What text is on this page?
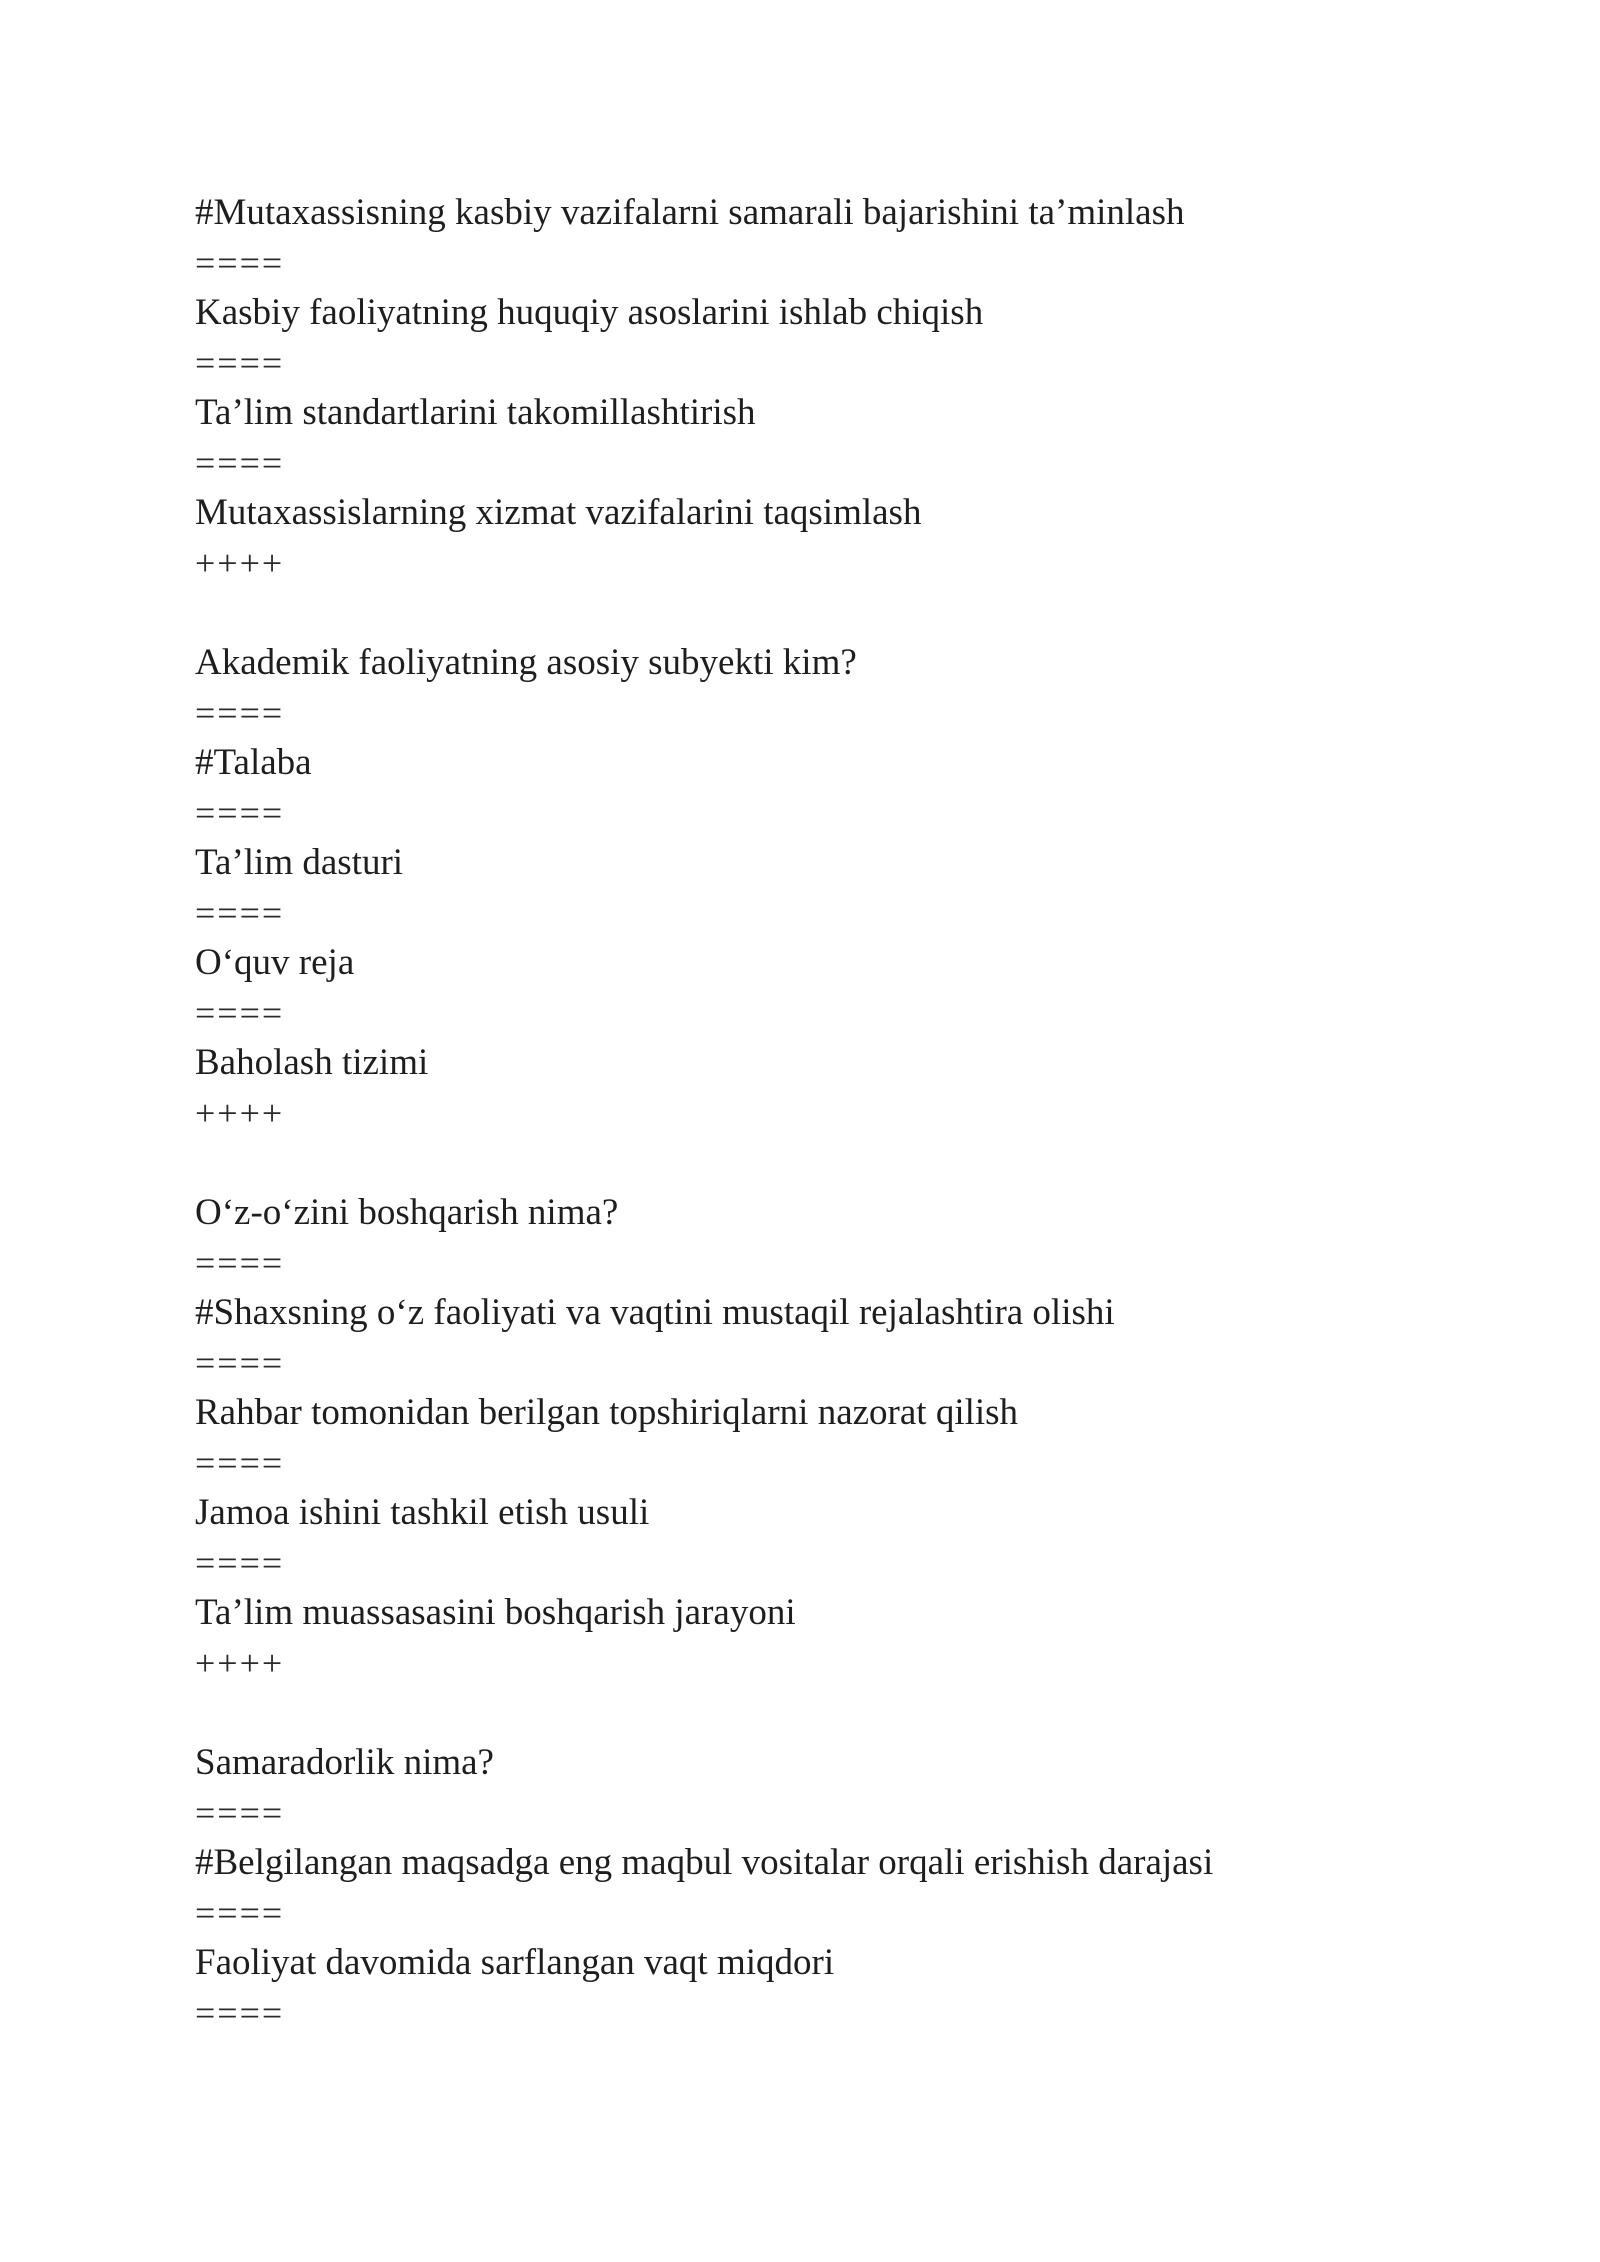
#Mutaxassisning kasbiy vazifalarni samarali bajarishini ta’minlash
====
Kasbiy faoliyatning huquqiy asoslarini ishlab chiqish
====
Ta’lim standartlarini takomillashtirish
====
Mutaxassislarning xizmat vazifalarini taqsimlash
++++
Akademik faoliyatning asosiy subyekti kim?
====
#Talaba
====
Ta’lim dasturi
====
O‘quv reja
====
Baholash tizimi
++++
O‘z-o‘zini boshqarish nima?
====
#Shaxsning o‘z faoliyati va vaqtini mustaqil rejalashtira olishi
====
Rahbar tomonidan berilgan topshiriqlarni nazorat qilish
====
Jamoa ishini tashkil etish usuli
====
Ta’lim muassasasini boshqarish jarayoni
++++
Samaradorlik nima?
====
#Belgilangan maqsadga eng maqbul vositalar orqali erishish darajasi
====
Faoliyat davomida sarflangan vaqt miqdori
====
